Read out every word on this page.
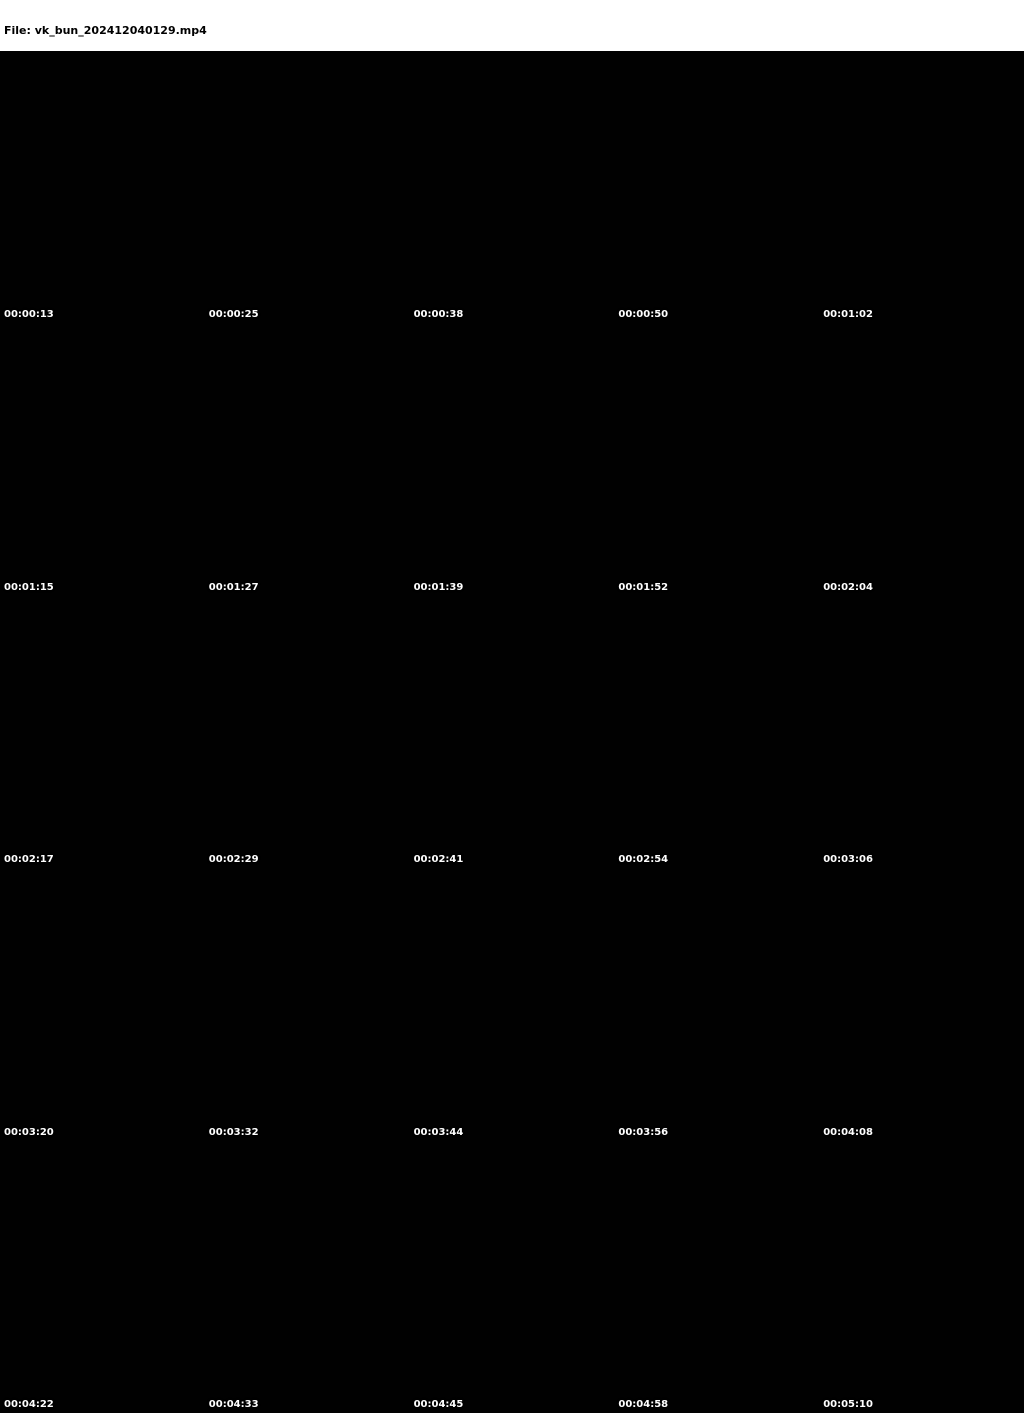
File: vk_bun_202412040129.mp4

00:00:13	00:00:25	00:00:38	00:00:50	00:01:02
00:01:15	00:01:27	00:01:39	00:01:52	00:02:04
00:02:17	00:02:29	00:02:41	00:02:54	00:03:06
00:03:20	00:03:32	00:03:44	00:03:56	00:04:08
00:04:22	00:04:33	00:04:45	00:04:58	00:05:10
